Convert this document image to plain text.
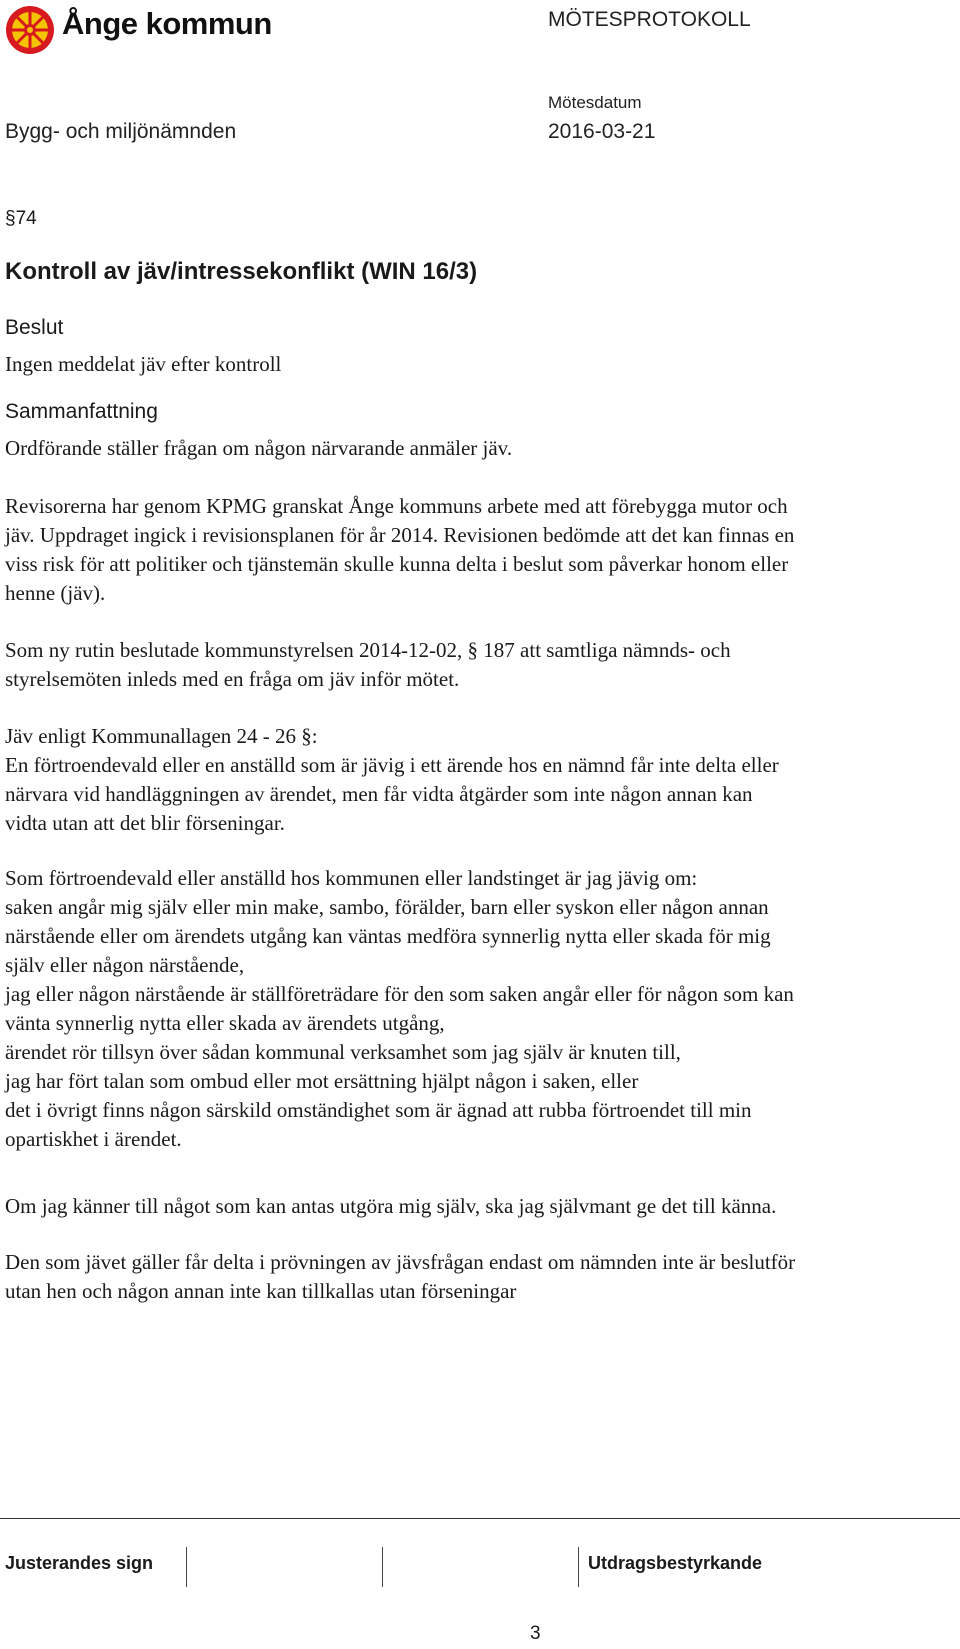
Ånge kommun	MÖTESPROTOKOLL
Mötesdatum
Bygg- och miljönämnden	2016-03-21
§74
Kontroll av jäv/intressekonflikt (WIN 16/3)
Beslut
Ingen meddelat jäv efter kontroll
Sammanfattning
Ordförande ställer frågan om någon närvarande anmäler jäv.
Revisorerna har genom KPMG granskat Ånge kommuns arbete med att förebygga mutor och
jäv. Uppdraget ingick i revisionsplanen för år 2014. Revisionen bedömde att det kan finnas en
viss risk för att politiker och tjänstemän skulle kunna delta i beslut som påverkar honom eller
henne (jäv).
Som ny rutin beslutade kommunstyrelsen 2014-12-02, § 187 att samtliga nämnds- och
styrelsemöten inleds med en fråga om jäv inför mötet.
Jäv enligt Kommunallagen 24 - 26 §:
En förtroendevald eller en anställd som är jävig i ett ärende hos en nämnd får inte delta eller
närvara vid handläggningen av ärendet, men får vidta åtgärder som inte någon annan kan
vidta utan att det blir förseningar.
Som förtroendevald eller anställd hos kommunen eller landstinget är jag jävig om:
saken angår mig själv eller min make, sambo, förälder, barn eller syskon eller någon annan
närstående eller om ärendets utgång kan väntas medföra synnerlig nytta eller skada för mig
själv eller någon närstående,
jag eller någon närstående är ställföreträdare för den som saken angår eller för någon som kan
vänta synnerlig nytta eller skada av ärendets utgång,
ärendet rör tillsyn över sådan kommunal verksamhet som jag själv är knuten till,
jag har fört talan som ombud eller mot ersättning hjälpt någon i saken, eller
det i övrigt finns någon särskild omständighet som är ägnad att rubba förtroendet till min
opartiskhet i ärendet.
Om jag känner till något som kan antas utgöra mig själv, ska jag självmant ge det till känna.
Den som jävet gäller får delta i prövningen av jävsfrågan endast om nämnden inte är beslutför
utan hen och någon annan inte kan tillkallas utan förseningar
Justerandes sign	Utdragsbestyrkande
3
